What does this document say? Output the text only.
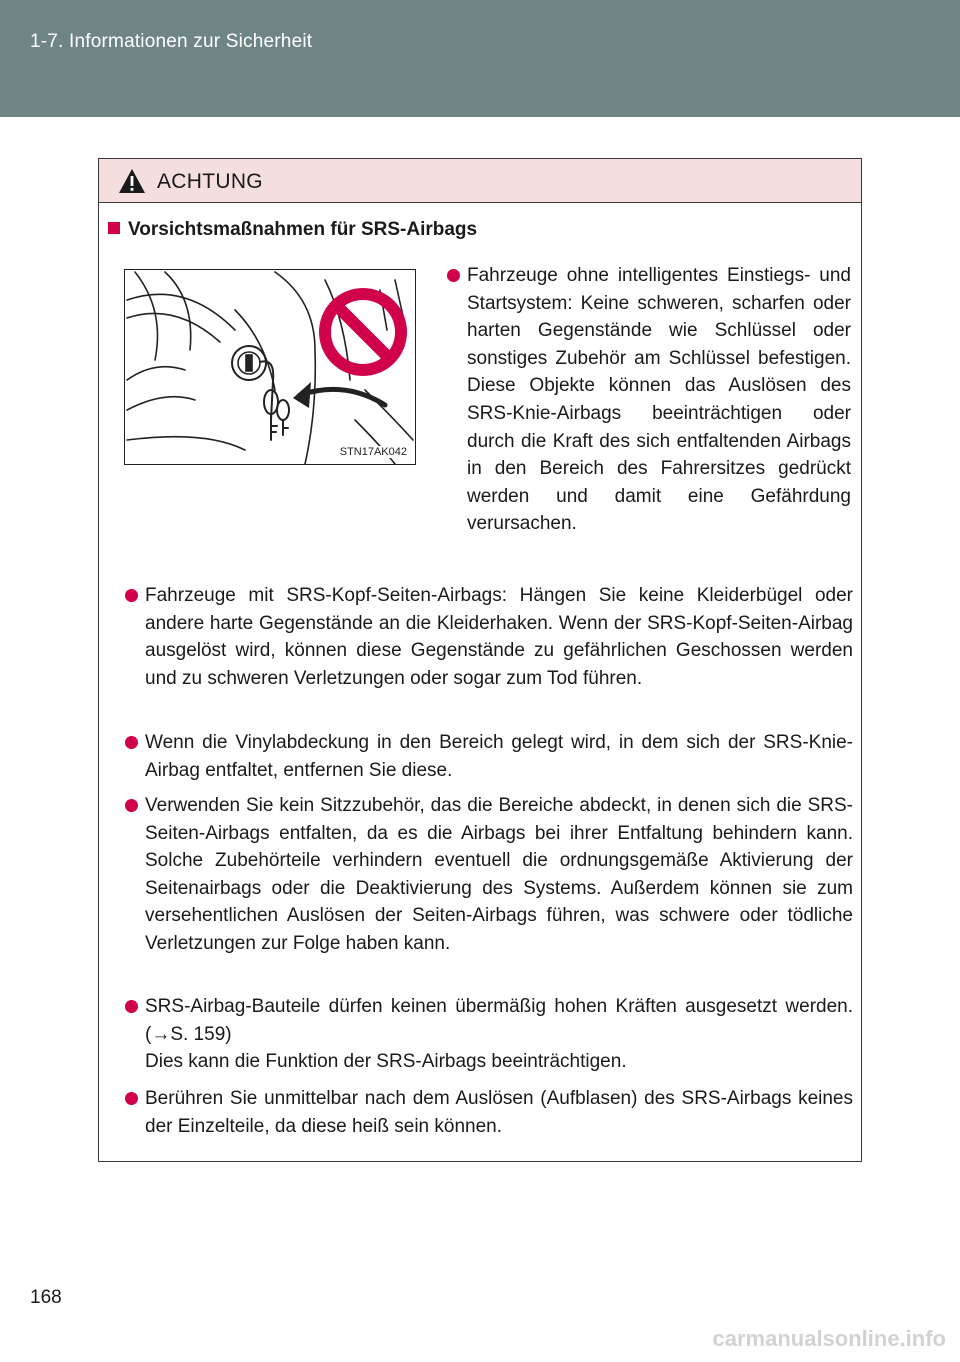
1-7. Informationen zur Sicherheit
ACHTUNG
Vorsichtsmaßnahmen für SRS-Airbags
STN17AK042

Fahrzeuge ohne intelligentes Einstiegs- und Startsystem: Keine schweren, scharfen oder harten Gegenstände wie Schlüssel oder sonstiges Zubehör am Schlüssel befestigen. Diese Objekte können das Auslösen des SRS-Knie-Airbags beeinträchtigen oder durch die Kraft des sich entfaltenden Airbags in den Bereich des Fahrersitzes gedrückt werden und damit eine Gefährdung verursachen.

Fahrzeuge mit SRS-Kopf-Seiten-Airbags: Hängen Sie keine Kleiderbügel oder andere harte Gegenstände an die Kleiderhaken. Wenn der SRS-Kopf-Seiten-Airbag ausgelöst wird, können diese Gegenstände zu gefährlichen Geschossen werden und zu schweren Verletzungen oder sogar zum Tod führen.

Wenn die Vinylabdeckung in den Bereich gelegt wird, in dem sich der SRS-Knie-Airbag entfaltet, entfernen Sie diese.

Verwenden Sie kein Sitzzubehör, das die Bereiche abdeckt, in denen sich die SRS-Seiten-Airbags entfalten, da es die Airbags bei ihrer Entfaltung behindern kann. Solche Zubehörteile verhindern eventuell die ordnungsgemäße Aktivierung der Seitenairbags oder die Deaktivierung des Systems. Außerdem können sie zum versehentlichen Auslösen der Seiten-Airbags führen, was schwere oder tödliche Verletzungen zur Folge haben kann.

SRS-Airbag-Bauteile dürfen keinen übermäßig hohen Kräften ausgesetzt werden. (→S. 159)

Dies kann die Funktion der SRS-Airbags beeinträchtigen.

Berühren Sie unmittelbar nach dem Auslösen (Aufblasen) des SRS-Airbags keines der Einzelteile, da diese heiß sein können.

168
carmanualsonline.info
